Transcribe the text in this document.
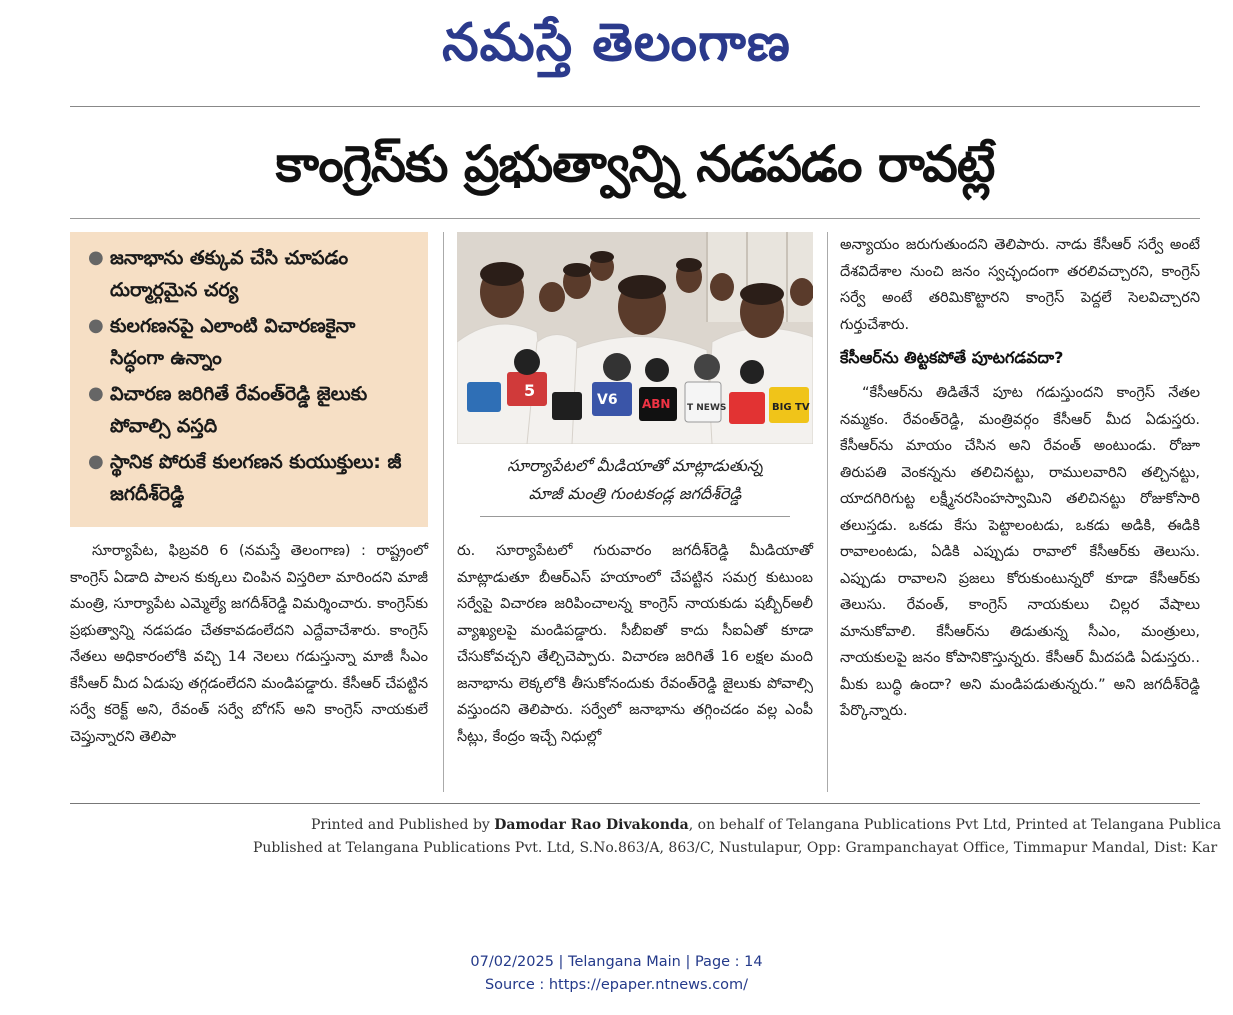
నమస్తే తెలంగాణ
కాంగ్రెస్‌కు ప్రభుత్వాన్ని నడపడం రావట్లే
● జనాభాను తక్కువ చేసి చూపడం దుర్మార్గమైన చర్య
● కులగణనపై ఎలాంటి విచారణకైనా సిద్ధంగా ఉన్నాం
● విచారణ జరిగితే రేవంత్‌రెడ్డి జైలుకు పోవాల్సి వస్తది
● స్థానిక పోరుకే కులగణన కుయుక్తులు: జీ జగదీశ్‌రెడ్డి
5	V6	T NEWS	BIG TV
ABN
సూర్యాపేటలో మీడియాతో మాట్లాడుతున్న
మాజీ మంత్రి గుంటకండ్ల జగదీశ్‌రెడ్డి

సూర్యాపేట, ఫిబ్రవరి 6 (నమస్తే తెలంగాణ) : రాష్ట్రంలో కాంగ్రెస్ ఏడాది పాలన కుక్కలు చింపిన విస్తరిలా మారిందని మాజీ మంత్రి, సూర్యాపేట ఎమ్మెల్యే జగదీశ్‌రెడ్డి విమర్శించారు. కాంగ్రెస్‌కు ప్రభుత్వాన్ని నడపడం చేతకావడంలేదని ఎద్దేవాచేశారు. కాంగ్రెస్ నేతలు అధికారంలోకి వచ్చి 14 నెలలు గడుస్తున్నా మాజీ సీఎం కేసీఆర్ మీద ఏడుపు తగ్గడంలేదని మండిపడ్డారు. కేసీఆర్ చేపట్టిన సర్వే కరెక్ట్ అని, రేవంత్ సర్వే బోగస్ అని కాంగ్రెస్ నాయకులే చెప్తున్నారని తెలిపా

రు. సూర్యాపేటలో గురువారం జగదీశ్‌రెడ్డి మీడియాతో మాట్లాడుతూ బీఆర్‌ఎస్ హయాంలో చేపట్టిన సమగ్ర కుటుంబ సర్వేపై విచారణ జరిపించాలన్న కాంగ్రెస్ నాయకుడు షబ్బీర్‌అలీ వ్యాఖ్యలపై మండిపడ్డారు. సీబీఐతో కాదు సీఐఏతో కూడా చేసుకోవచ్చని తేల్చిచెప్పారు. విచారణ జరిగితే 16 లక్షల మంది జనాభాను లెక్కలోకి తీసుకోనందుకు రేవంత్‌రెడ్డి జైలుకు పోవాల్సి వస్తుందని తెలిపారు. సర్వేలో జనాభాను తగ్గించడం వల్ల ఎంపీ సీట్లు, కేంద్రం ఇచ్చే నిధుల్లో

అన్యాయం జరుగుతుందని తెలిపారు. నాడు కేసీఆర్ సర్వే అంటే దేశవిదేశాల నుంచి జనం స్వచ్ఛందంగా తరలివచ్చారని, కాంగ్రెస్ సర్వే అంటే తరిమికొట్టారని కాంగ్రెస్ పెద్దలే సెలవిచ్చారని గుర్తుచేశారు.

కేసీఆర్‌ను తిట్టకపోతే పూటగడవదా?

“కేసీఆర్‌ను తిడితేనే పూట గడుస్తుందని కాంగ్రెస్ నేతల నమ్మకం. రేవంత్‌రెడ్డి, మంత్రివర్గం కేసీఆర్ మీద ఏడుస్తరు. కేసీఆర్‌ను మాయం చేసిన అని రేవంత్ అంటుండు. రోజూ తిరుపతి వెంకన్నను తలిచినట్టు, రాములవారిని తల్చినట్టు, యాదగిరిగుట్ట లక్ష్మీనరసింహస్వామిని తలిచినట్టు రోజుకోసారి తలుస్తడు. ఒకడు కేసు పెట్టాలంటడు, ఒకడు అడికి, ఈడికి రావాలంటడు, ఏడికి ఎప్పుడు రావాలో కేసీఆర్‌కు తెలుసు. ఎప్పుడు రావాలని ప్రజలు కోరుకుంటున్నరో కూడా కేసీఆర్‌కు తెలుసు. రేవంత్, కాంగ్రెస్ నాయకులు చిల్లర వేషాలు మానుకోవాలి. కేసీఆర్‌ను తిడుతున్న సీఎం, మంత్రులు, నాయకులపై జనం కోపానికొస్తున్నరు. కేసీఆర్ మీదపడి ఏడుస్తరు.. మీకు బుద్ధి ఉందా? అని మండిపడుతున్నరు.” అని జగదీశ్‌రెడ్డి పేర్కొన్నారు.

Printed and Published by Damodar Rao Divakonda, on behalf of Telangana Publications Pvt Ltd, Printed at Telangana Publica
Published at Telangana Publications Pvt. Ltd, S.No.863/A, 863/C, Nustulapur, Opp: Grampanchayat Office, Timmapur Mandal, Dist: Kar
07/02/2025 | Telangana Main | Page : 14
Source : https://epaper.ntnews.com/
